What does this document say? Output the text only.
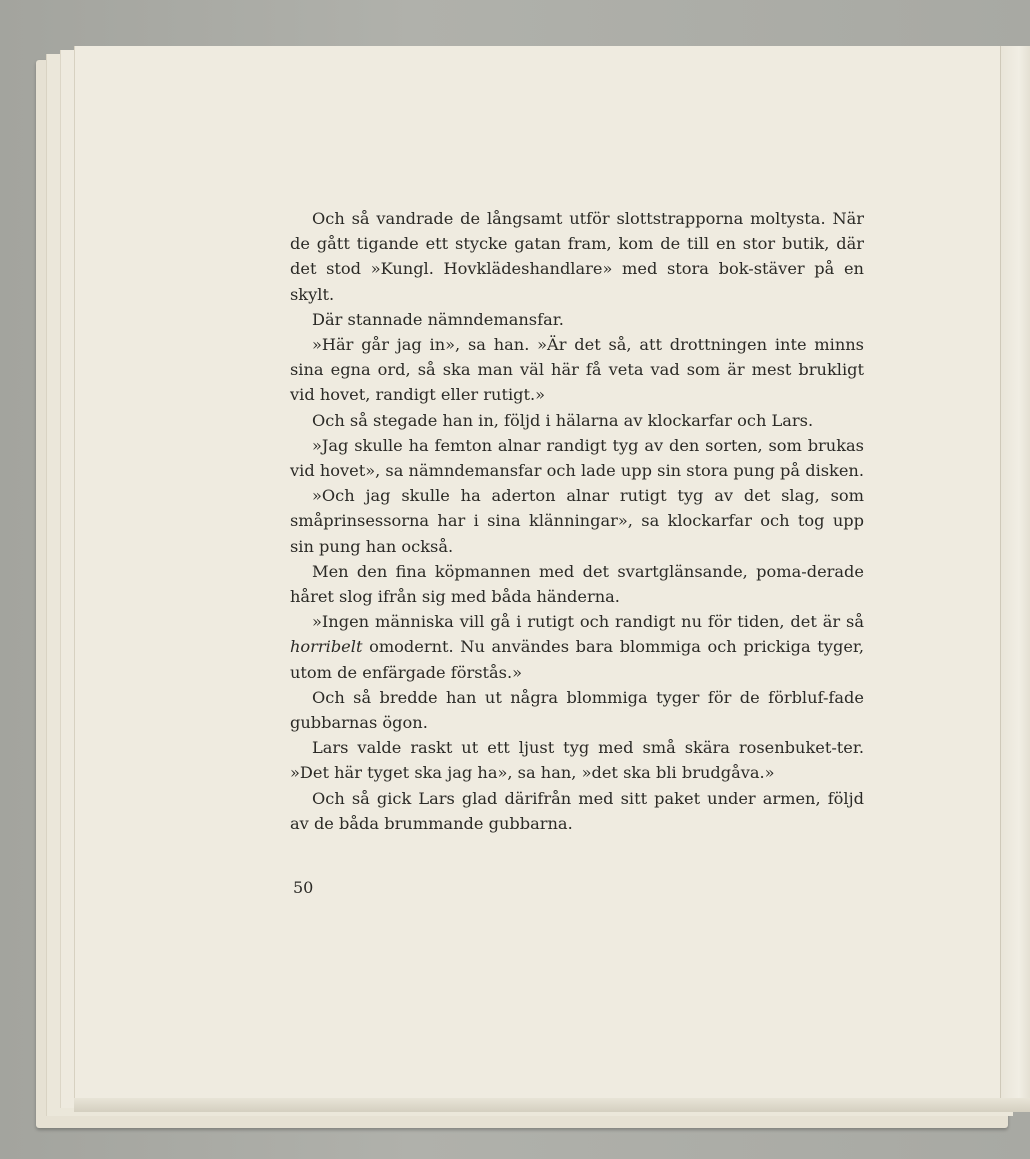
Och så vandrade de långsamt utför slottstrapporna moltysta. När de gått tigande ett stycke gatan fram, kom de till en stor butik, där det stod »Kungl. Hovklädeshandlare» med stora bok-stäver på en skylt.

Där stannade nämndemansfar.

»Här går jag in», sa han. »Är det så, att drottningen inte minns sina egna ord, så ska man väl här få veta vad som är mest brukligt vid hovet, randigt eller rutigt.»

Och så stegade han in, följd i hälarna av klockarfar och Lars.

»Jag skulle ha femton alnar randigt tyg av den sorten, som brukas vid hovet», sa nämndemansfar och lade upp sin stora pung på disken.

»Och jag skulle ha aderton alnar rutigt tyg av det slag, som småprinsessorna har i sina klänningar», sa klockarfar och tog upp sin pung han också.

Men den fina köpmannen med det svartglänsande, poma-derade håret slog ifrån sig med båda händerna.

»Ingen människa vill gå i rutigt och randigt nu för tiden, det är så horribelt omodernt. Nu användes bara blommiga och prickiga tyger, utom de enfärgade förstås.»

Och så bredde han ut några blommiga tyger för de förbluf-fade gubbarnas ögon.

Lars valde raskt ut ett ljust tyg med små skära rosenbuket-ter. »Det här tyget ska jag ha», sa han, »det ska bli brudgåva.»

Och så gick Lars glad därifrån med sitt paket under armen, följd av de båda brummande gubbarna.

50
